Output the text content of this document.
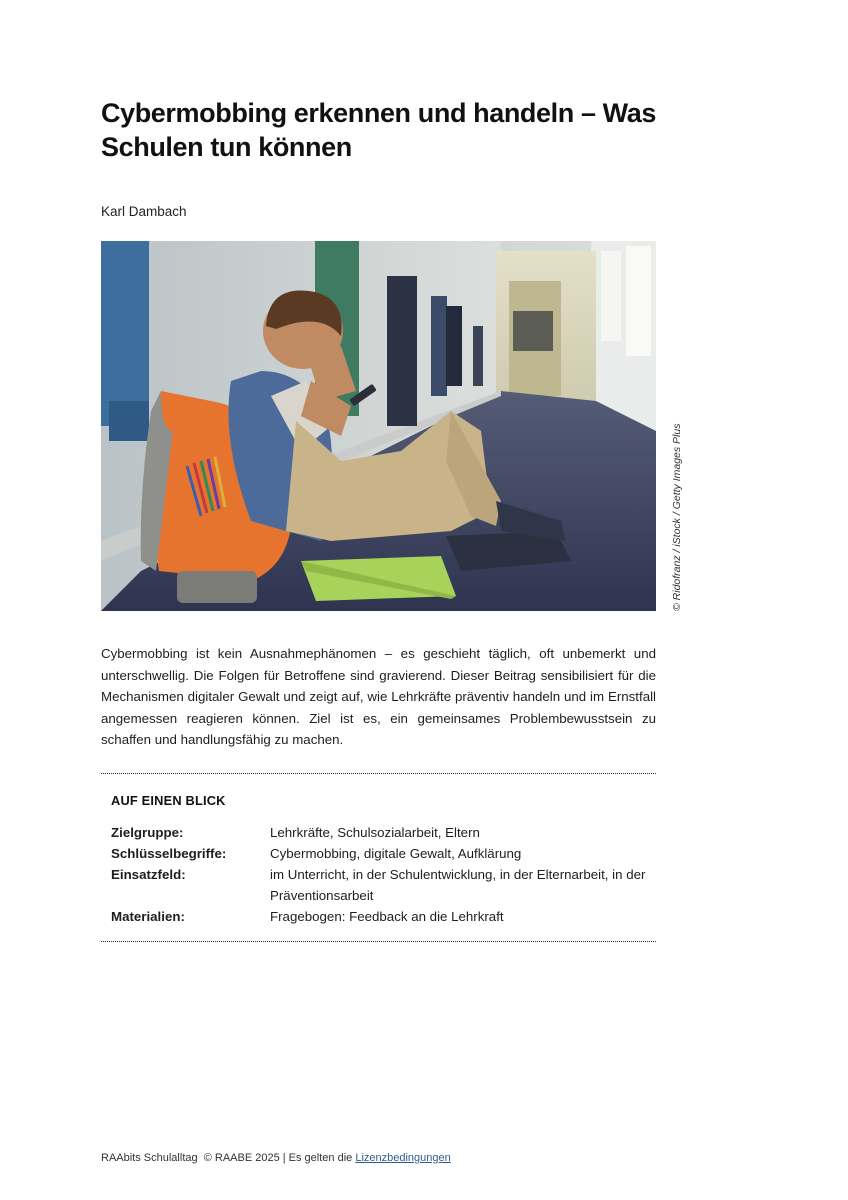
Cybermobbing erkennen und handeln – Was
Schulen tun können
Karl Dambach
© Ridofranz / iStock / Getty Images Plus
Cybermobbing ist kein Ausnahmephänomen – es geschieht täglich, oft unbemerkt und unterschwellig. Die Folgen für Betroffene sind gravierend. Dieser Beitrag sensibilisiert für die Mechanismen digitaler Gewalt und zeigt auf, wie Lehrkräfte präventiv handeln und im Ernstfall angemessen reagieren können. Ziel ist es, ein gemeinsames Problembewusstsein zu schaffen und handlungsfähig zu machen.
AUF EINEN BLICK
Zielgruppe:	Lehrkräfte, Schulsozialarbeit, Eltern
Schlüsselbegriffe:	Cybermobbing, digitale Gewalt, Aufklärung
Einsatzfeld:	im Unterricht, in der Schulentwicklung, in der Elternarbeit, in der Präventionsarbeit
Materialien:	Fragebogen: Feedback an die Lehrkraft
RAAbits Schulalltag  © RAABE 2025 | Es gelten die Lizenzbedingungen
